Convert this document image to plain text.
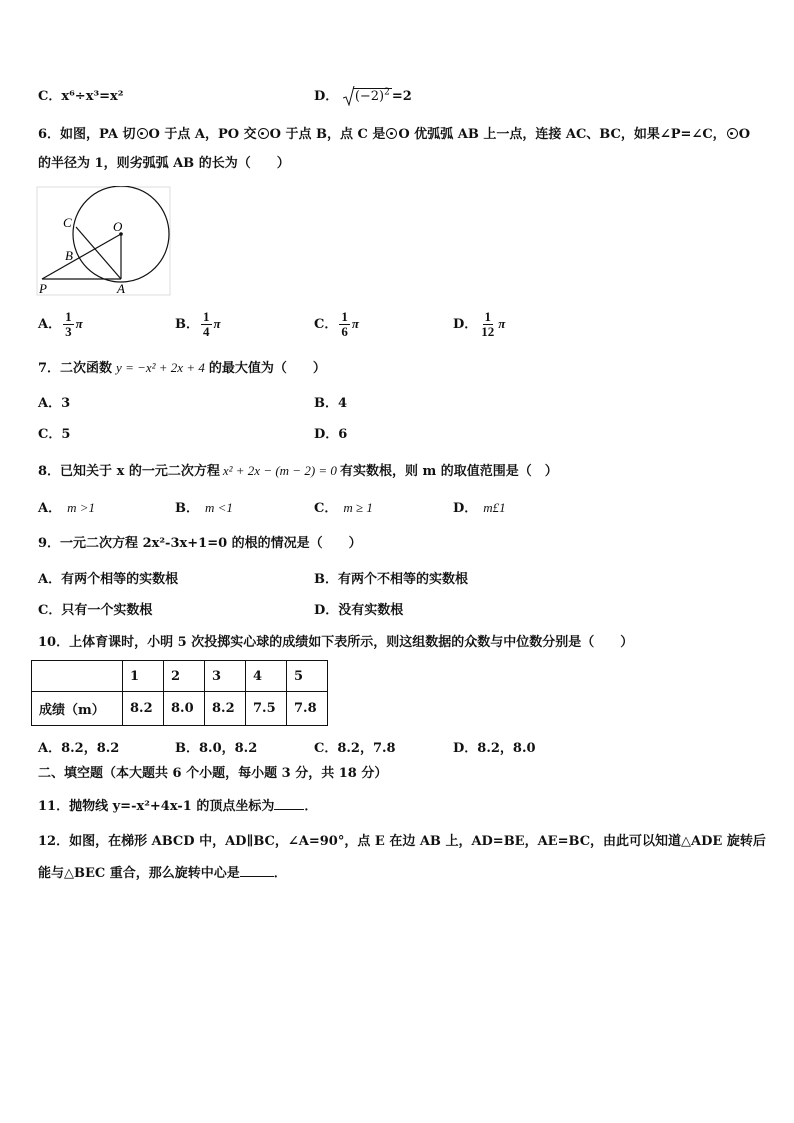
C．x⁶÷x³=x²	D． $(-2)^2 =2$
6．如图，PA 切 O 于点 A，PO 交 O 于点 B，点 C 是 O 优弧弧 AB 上一点，连接 AC、BC，如果∠P=∠C， O
的半径为 1，则劣弧弧 AB 的长为（　　）
C	O
B
P	A
A． $\frac{1}{3}$ π	B． $\frac{1}{4}$ π	C． $\frac{1}{6}$ π	D． $\frac{1}{12}$ π
7．二次函数 y = −x² + 2x + 4 的最大值为（　　）
A．3	B．4
C．5	D．6
8．已知关于 x 的一元二次方程 x² + 2x − (m − 2) = 0 有实数根，则 m 的取值范围是（　）
A． m >1	B． m <1	C． m ≥ 1	D． m£1
9．一元二次方程 2x²-3x+1=0 的根的情况是（　　）
A．有两个相等的实数根	B．有两个不相等的实数根
C．只有一个实数根	D．没有实数根
10．上体育课时，小明 5 次投掷实心球的成绩如下表所示，则这组数据的众数与中位数分别是（　　）
	1	2	3	4	5
成绩（m）	8.2	8.0	8.2	7.5	7.8
A．8.2，8.2	B．8.0，8.2	C．8.2，7.8	D．8.2，8.0
二、填空题（本大题共 6 个小题，每小题 3 分，共 18 分）
11．抛物线 y=-x²+4x-1 的顶点坐标为 ．
12．如图，在梯形 ABCD 中，AD∥BC，∠A=90°，点 E 在边 AB 上，AD=BE，AE=BC，由此可以知道△ADE 旋转后
能与△BEC 重合，那么旋转中心是	．
